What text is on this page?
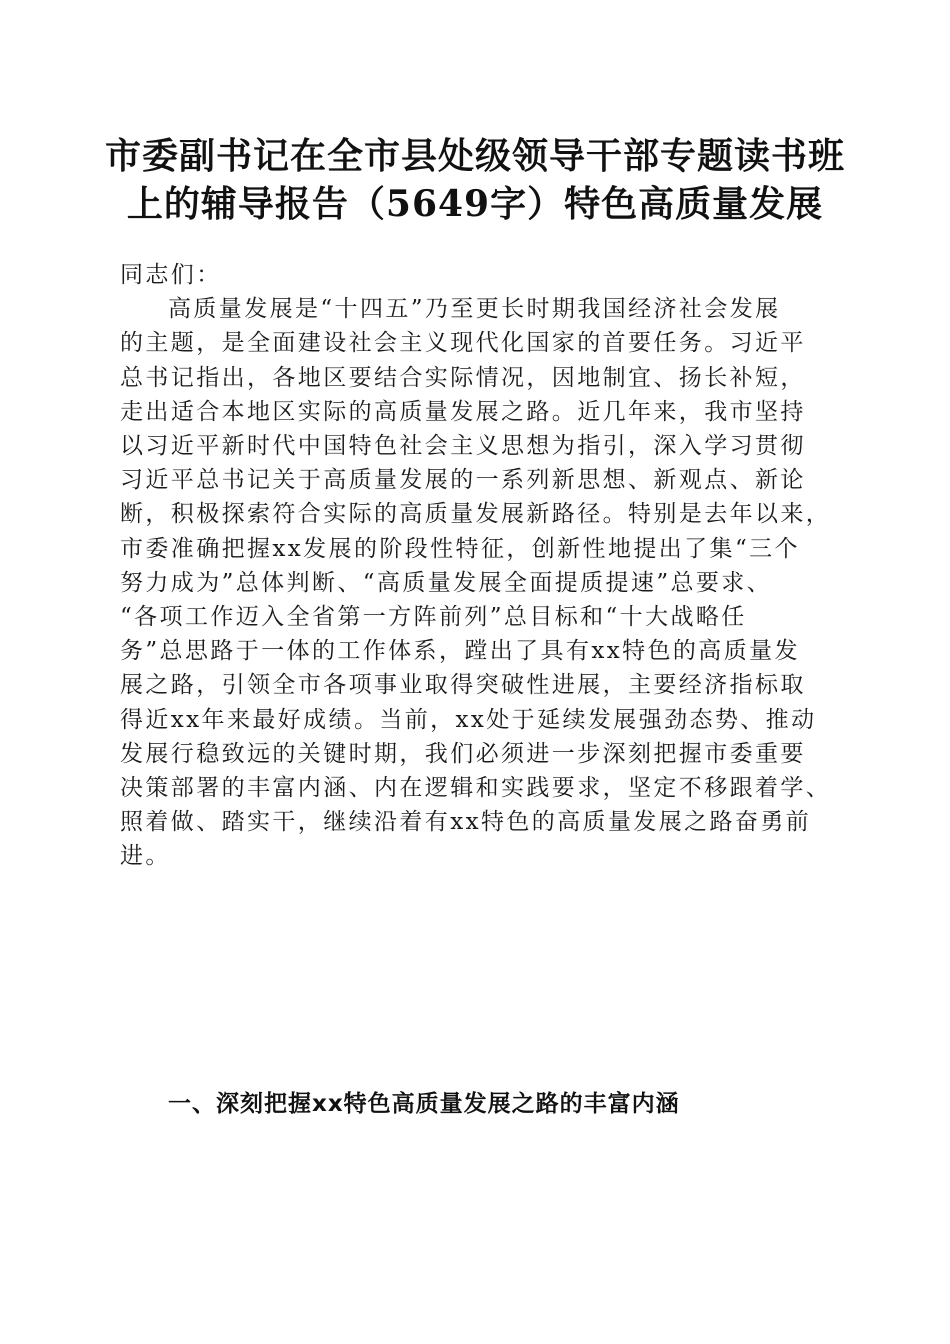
市委副书记在全市县处级领导干部专题读书班
上的辅导报告（5649字）特色高质量发展

同志们：

高质量发展是“十四五”乃至更长时期我国经济社会发展
的主题，是全面建设社会主义现代化国家的首要任务。习近平
总书记指出，各地区要结合实际情况，因地制宜、扬长补短，
走出适合本地区实际的高质量发展之路。近几年来，我市坚持
以习近平新时代中国特色社会主义思想为指引，深入学习贯彻
习近平总书记关于高质量发展的一系列新思想、新观点、新论
断，积极探索符合实际的高质量发展新路径。特别是去年以来，
市委准确把握xx发展的阶段性特征，创新性地提出了集“三个
努力成为”总体判断、“高质量发展全面提质提速”总要求、
“各项工作迈入全省第一方阵前列”总目标和“十大战略任
务”总思路于一体的工作体系，蹚出了具有xx特色的高质量发
展之路，引领全市各项事业取得突破性进展，主要经济指标取
得近xx年来最好成绩。当前，xx处于延续发展强劲态势、推动
发展行稳致远的关键时期，我们必须进一步深刻把握市委重要
决策部署的丰富内涵、内在逻辑和实践要求，坚定不移跟着学、
照着做、踏实干，继续沿着有xx特色的高质量发展之路奋勇前
进。
一、深刻把握xx特色高质量发展之路的丰富内涵
